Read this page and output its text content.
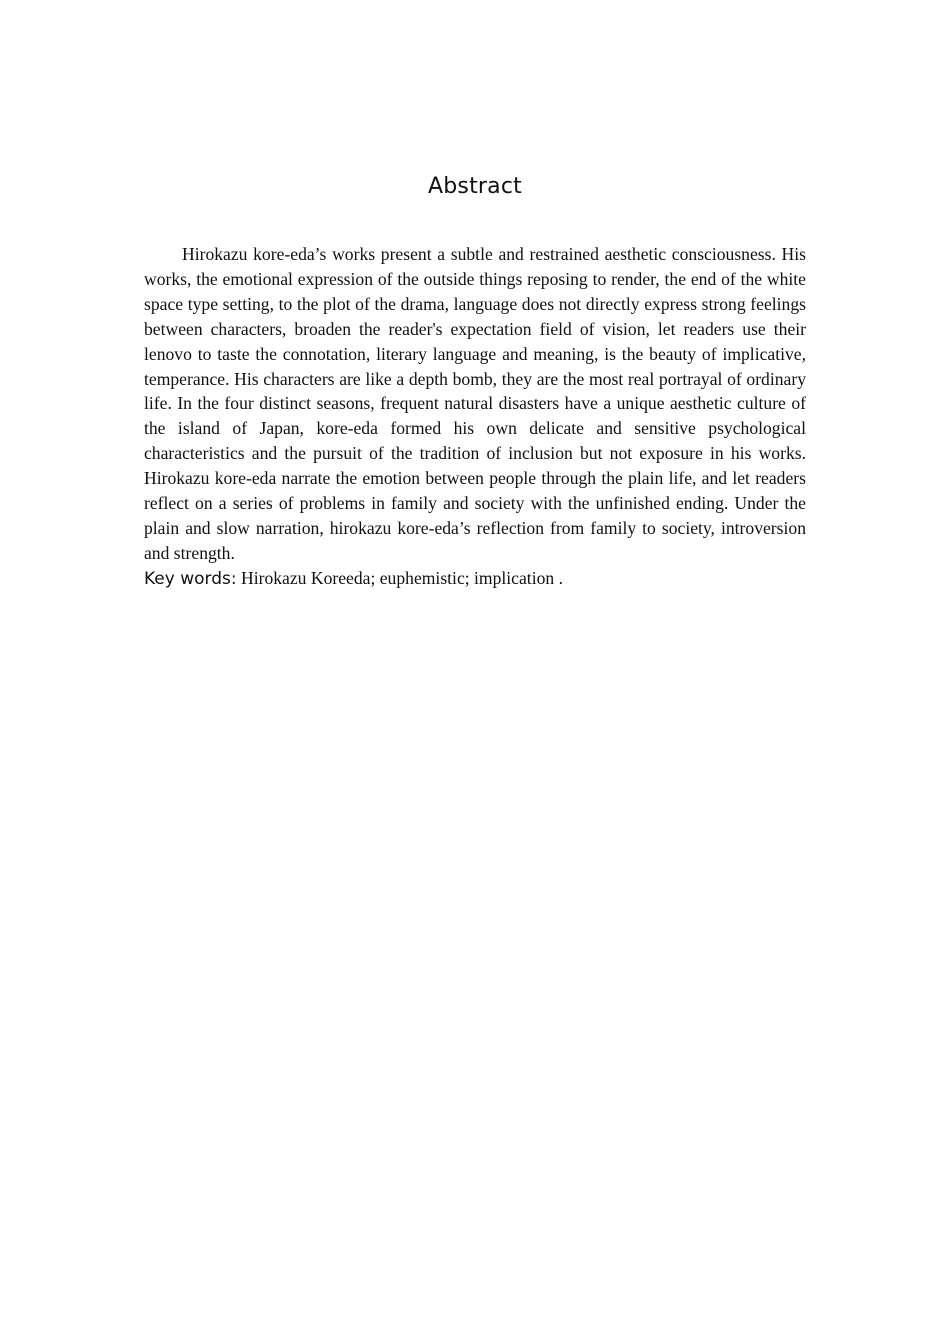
Abstract

Hirokazu kore-eda’s works present a subtle and restrained aesthetic consciousness. His works, the emotional expression of the outside things reposing to render, the end of the white space type setting, to the plot of the drama, language does not directly express strong feelings between characters, broaden the reader's expectation field of vision, let readers use their lenovo to taste the connotation, literary language and meaning, is the beauty of implicative, temperance. His characters are like a depth bomb, they are the most real portrayal of ordinary life. In the four distinct seasons, frequent natural disasters have a unique aesthetic culture of the island of Japan, kore-eda formed his own delicate and sensitive psychological characteristics and the pursuit of the tradition of inclusion but not exposure in his works. Hirokazu kore-eda narrate the emotion between people through the plain life, and let readers reflect on a series of problems in family and society with the unfinished ending. Under the plain and slow narration, hirokazu kore-eda’s reflection from family to society, introversion and strength.

Key words: Hirokazu Koreeda; euphemistic; implication .
